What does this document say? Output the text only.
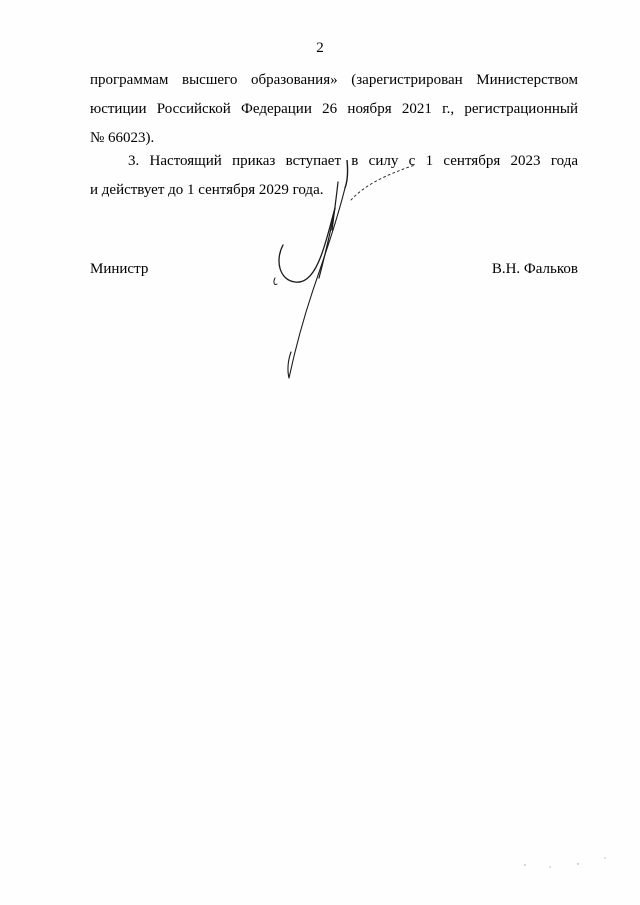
2
программам высшего образования» (зарегистрирован Министерством
юстиции Российской Федерации 26 ноября 2021 г., регистрационный
№ 66023).
3. Настоящий приказ вступает в силу с 1 сентября 2023 года
и действует до 1 сентября 2029 года.
Министр	В.Н. Фальков
